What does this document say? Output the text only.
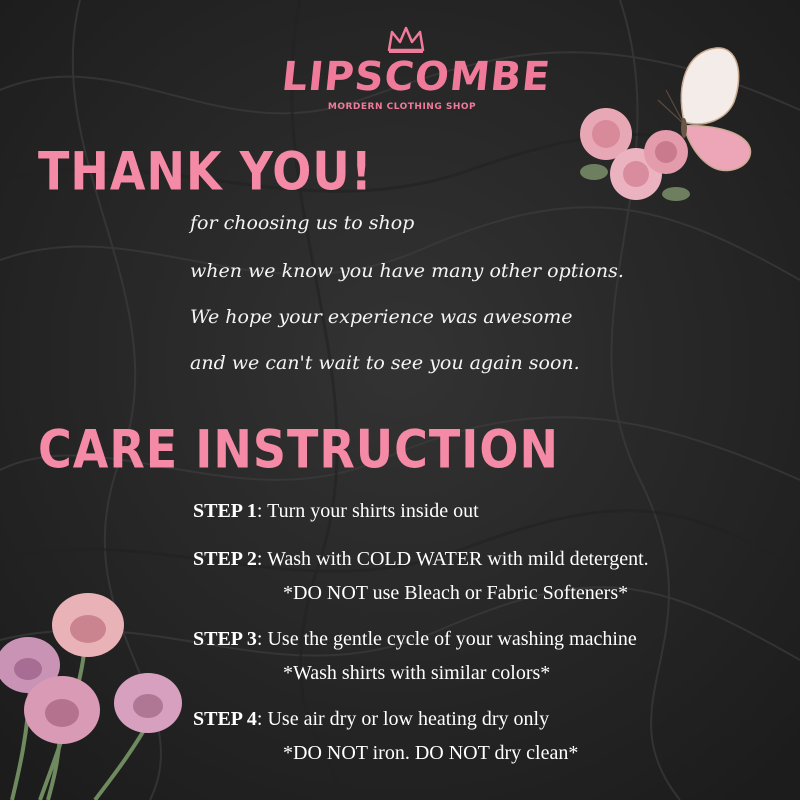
LIPSCOMBE
MORDERN CLOTHING SHOP
THANK YOU!
for choosing us to shop
when we know you have many other options.
We hope your experience was awesome
and we can't wait to see you again soon.
CARE INSTRUCTION
STEP 1: Turn your shirts inside out
STEP 2: Wash with COLD WATER with mild detergent.
*DO NOT use Bleach or Fabric Softeners*
STEP 3: Use the gentle cycle of your washing machine
*Wash shirts with similar colors*
STEP 4: Use air dry or low heating dry only
*DO NOT iron. DO NOT dry clean*
